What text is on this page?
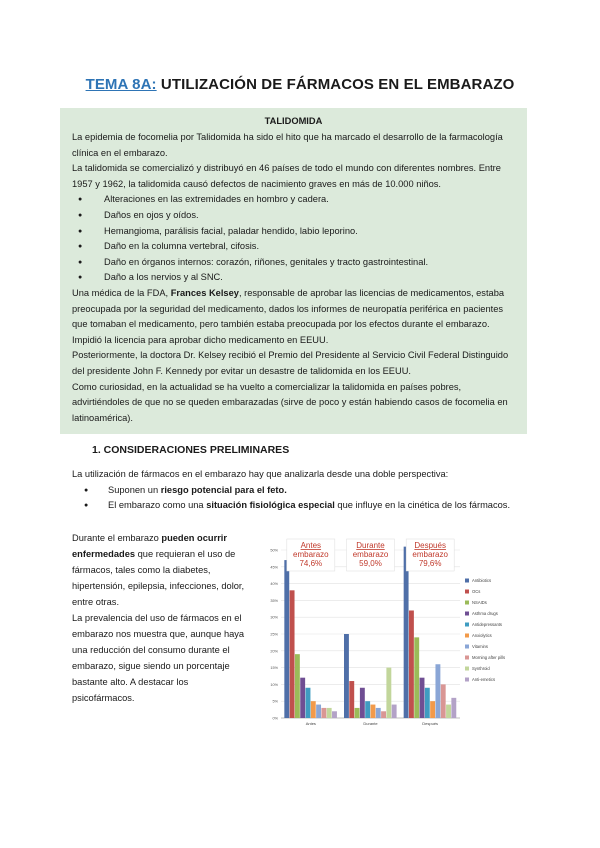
TEMA 8A: UTILIZACIÓN DE FÁRMACOS EN EL EMBARAZO
TALIDOMIDA

La epidemia de focomelia por Talidomida ha sido el hito que ha marcado el desarrollo de la farmacología clínica en el embarazo.

La talidomida se comercializó y distribuyó en 46 países de todo el mundo con diferentes nombres. Entre 1957 y 1962, la talidomida causó defectos de nacimiento graves en más de 10.000 niños.

● Alteraciones en las extremidades en hombro y cadera.
● Daños en ojos y oídos.
● Hemangioma, parálisis facial, paladar hendido, labio leporino.
● Daño en la columna vertebral, cifosis.
● Daño en órganos internos: corazón, riñones, genitales y tracto gastrointestinal.
● Daño a los nervios y al SNC.

Una médica de la FDA, Frances Kelsey, responsable de aprobar las licencias de medicamentos, estaba preocupada por la seguridad del medicamento, dados los informes de neuropatía periférica en pacientes que tomaban el medicamento, pero también estaba preocupada por los efectos durante el embarazo. Impidió la licencia para aprobar dicho medicamento en EEUU.

Posteriormente, la doctora Dr. Kelsey recibió el Premio del Presidente al Servicio Civil Federal Distinguido del presidente John F. Kennedy por evitar un desastre de talidomida en los EEUU.

Como curiosidad, en la actualidad se ha vuelto a comercializar la talidomida en países pobres, advirtiéndoles de que no se queden embarazadas (sirve de poco y están habiendo casos de focomelia en latinoamérica).

1. CONSIDERACIONES PRELIMINARES

La utilización de fármacos en el embarazo hay que analizarla desde una doble perspectiva:

● Suponen un riesgo potencial para el feto.
● El embarazo como una situación fisiológica especial que influye en la cinética de los fármacos.

Durante el embarazo pueden ocurrir enfermedades que requieran el uso de fármacos, tales como la diabetes, hipertensión, epilepsia, infecciones, dolor, entre otras.

La prevalencia del uso de fármacos en el embarazo nos muestra que, aunque haya una reducción del consumo durante el embarazo, sigue siendo un porcentaje bastante alto. A destacar los psicofármacos.

0%
5%
10%
15%
20%
25%
30%
35%
40%
45%
50%
Antes
Antes
embarazo
74,6%
Durante
Durante
embarazo
59,0%
Después
Después
embarazo
79,6%
Antibiotics
OCs
NSAIDs
Asthma drugs
Antidepressants
Anxiolytics
Vitamins
Morning after pills
Synthroid
Anti-emetics
